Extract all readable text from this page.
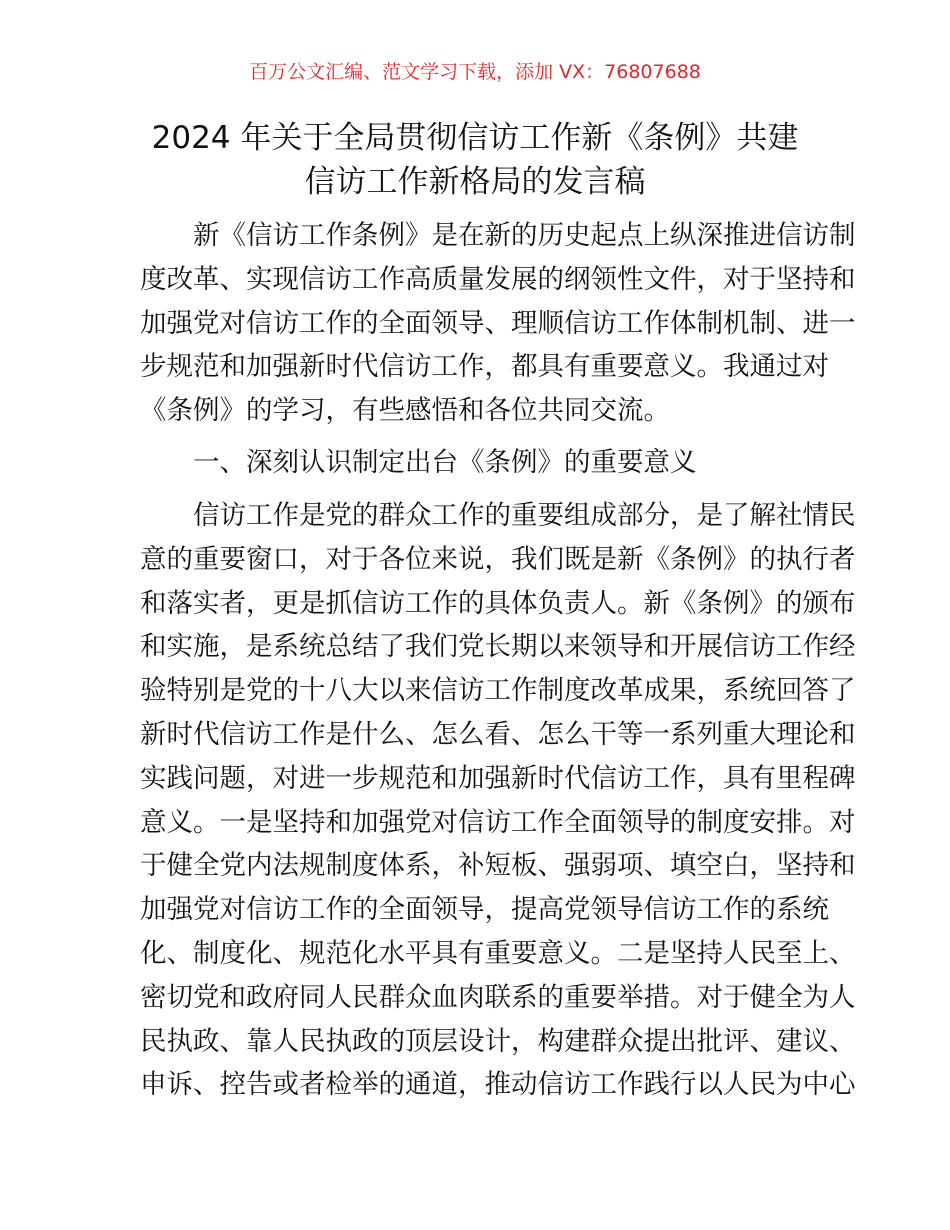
百万公文汇编、范文学习下载，添加 VX：76807688
2024 年关于全局贯彻信访工作新《条例》共建
信访工作新格局的发言稿
新《信访工作条例》是在新的历史起点上纵深推进信访制
度改革、实现信访工作高质量发展的纲领性文件，对于坚持和
加强党对信访工作的全面领导、理顺信访工作体制机制、进一
步规范和加强新时代信访工作，都具有重要意义。我通过对
《条例》的学习，有些感悟和各位共同交流。
一、深刻认识制定出台《条例》的重要意义
信访工作是党的群众工作的重要组成部分，是了解社情民
意的重要窗口，对于各位来说，我们既是新《条例》的执行者
和落实者，更是抓信访工作的具体负责人。新《条例》的颁布
和实施，是系统总结了我们党长期以来领导和开展信访工作经
验特别是党的十八大以来信访工作制度改革成果，系统回答了
新时代信访工作是什么、怎么看、怎么干等一系列重大理论和
实践问题，对进一步规范和加强新时代信访工作，具有里程碑
意义。一是坚持和加强党对信访工作全面领导的制度安排。对
于健全党内法规制度体系，补短板、强弱项、填空白，坚持和
加强党对信访工作的全面领导，提高党领导信访工作的系统
化、制度化、规范化水平具有重要意义。二是坚持人民至上、
密切党和政府同人民群众血肉联系的重要举措。对于健全为人
民执政、靠人民执政的顶层设计，构建群众提出批评、建议、
申诉、控告或者检举的通道，推动信访工作践行以人民为中心
